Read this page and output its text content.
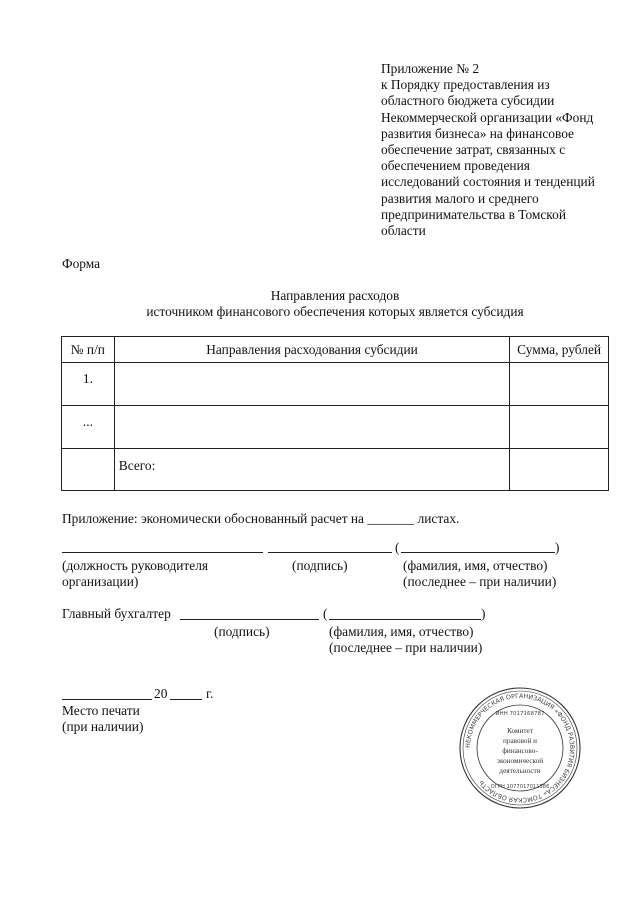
Приложение № 2
к Порядку предоставления из
областного бюджета субсидии
Некоммерческой организации «Фонд
развития бизнеса» на финансовое
обеспечение затрат, связанных с
обеспечением проведения
исследований состояния и тенденций
развития малого и среднего
предпринимательства в Томской
области
Форма
Направления расходов
источником финансового обеспечения которых является субсидия
№ п/п	Направления расходования субсидии	Сумма, рублей

1.		

...		

	Всего:	

Приложение: экономически обоснованный расчет на _______ листах.
(	)
(должность руководителя
организации)
(подпись)	(фамилия, имя, отчество)
(последнее – при наличии)
Главный бухгалтер	(	)
(подпись)	(фамилия, имя, отчество)
(последнее – при наличии)
20	г.
Место печати
(при наличии)
НЕКОММЕРЧЕСКАЯ ОРГАНИЗАЦИЯ «ФОНД РАЗВИТИЯ БИЗНЕСА» ТОМСКАЯ ОБЛАСТЬ
ИНН 7017168787
ОГРН 1077017011586
Комитет
правовой и
финансово-
экономической
деятельности
